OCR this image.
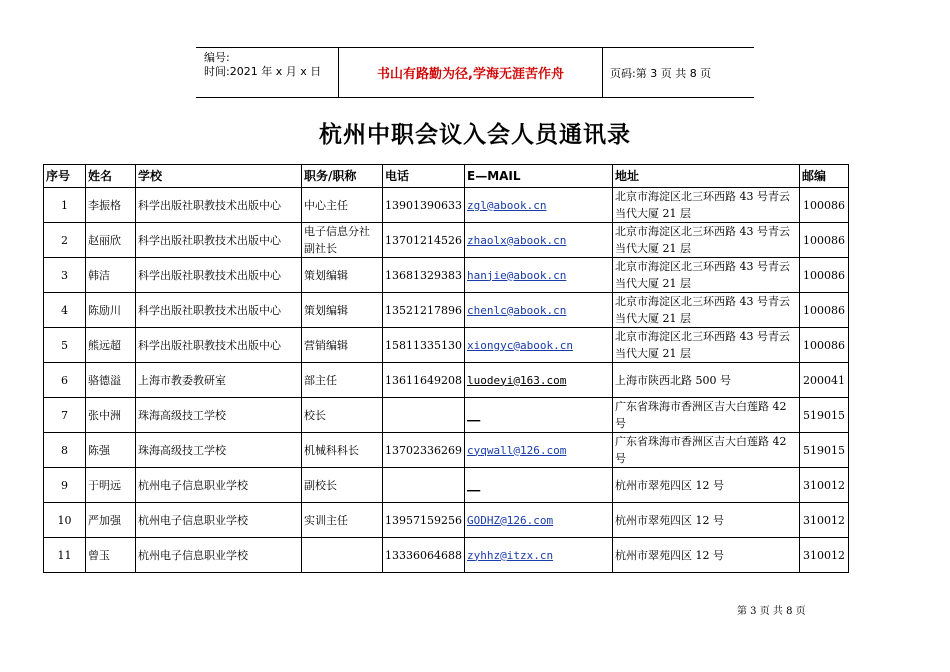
编号:
时间:2021 年 x 月 x 日	书山有路勤为径,学海无涯苦作舟	页码:第 3 页 共 8 页
杭州中职会议入会人员通讯录
序号	姓名	学校	职务/职称	电话	E—MAIL	地址	邮编
1	李振格	科学出版社职教技术出版中心	中心主任	13901390633	zgl@abook.cn	北京市海淀区北三环西路 43 号青云当代大厦 21 层	100086
2	赵丽欣	科学出版社职教技术出版中心	电子信息分社副社长	13701214526	zhaolx@abook.cn	北京市海淀区北三环西路 43 号青云当代大厦 21 层	100086
3	韩洁	科学出版社职教技术出版中心	策划编辑	13681329383	hanjie@abook.cn	北京市海淀区北三环西路 43 号青云当代大厦 21 层	100086
4	陈励川	科学出版社职教技术出版中心	策划编辑	13521217896	chenlc@abook.cn	北京市海淀区北三环西路 43 号青云当代大厦 21 层	100086
5	熊远超	科学出版社职教技术出版中心	营销编辑	15811335130	xiongyc@abook.cn	北京市海淀区北三环西路 43 号青云当代大厦 21 层	100086
6	骆德溢	上海市教委教研室	部主任	13611649208	luodeyi@163.com	上海市陕西北路 500 号	200041
7	张中洲	珠海高级技工学校	校长		__	广东省珠海市香洲区吉大白莲路 42 号	519015
8	陈强	珠海高级技工学校	机械科科长	13702336269	cyqwall@126.com	广东省珠海市香洲区吉大白莲路 42 号	519015
9	于明远	杭州电子信息职业学校	副校长		__	杭州市翠苑四区 12 号	310012
10	严加强	杭州电子信息职业学校	实训主任	13957159256	GODHZ@126.com	杭州市翠苑四区 12 号	310012
11	曾玉	杭州电子信息职业学校		13336064688	zyhhz@itzx.cn	杭州市翠苑四区 12 号	310012
第 3 页 共 8 页
